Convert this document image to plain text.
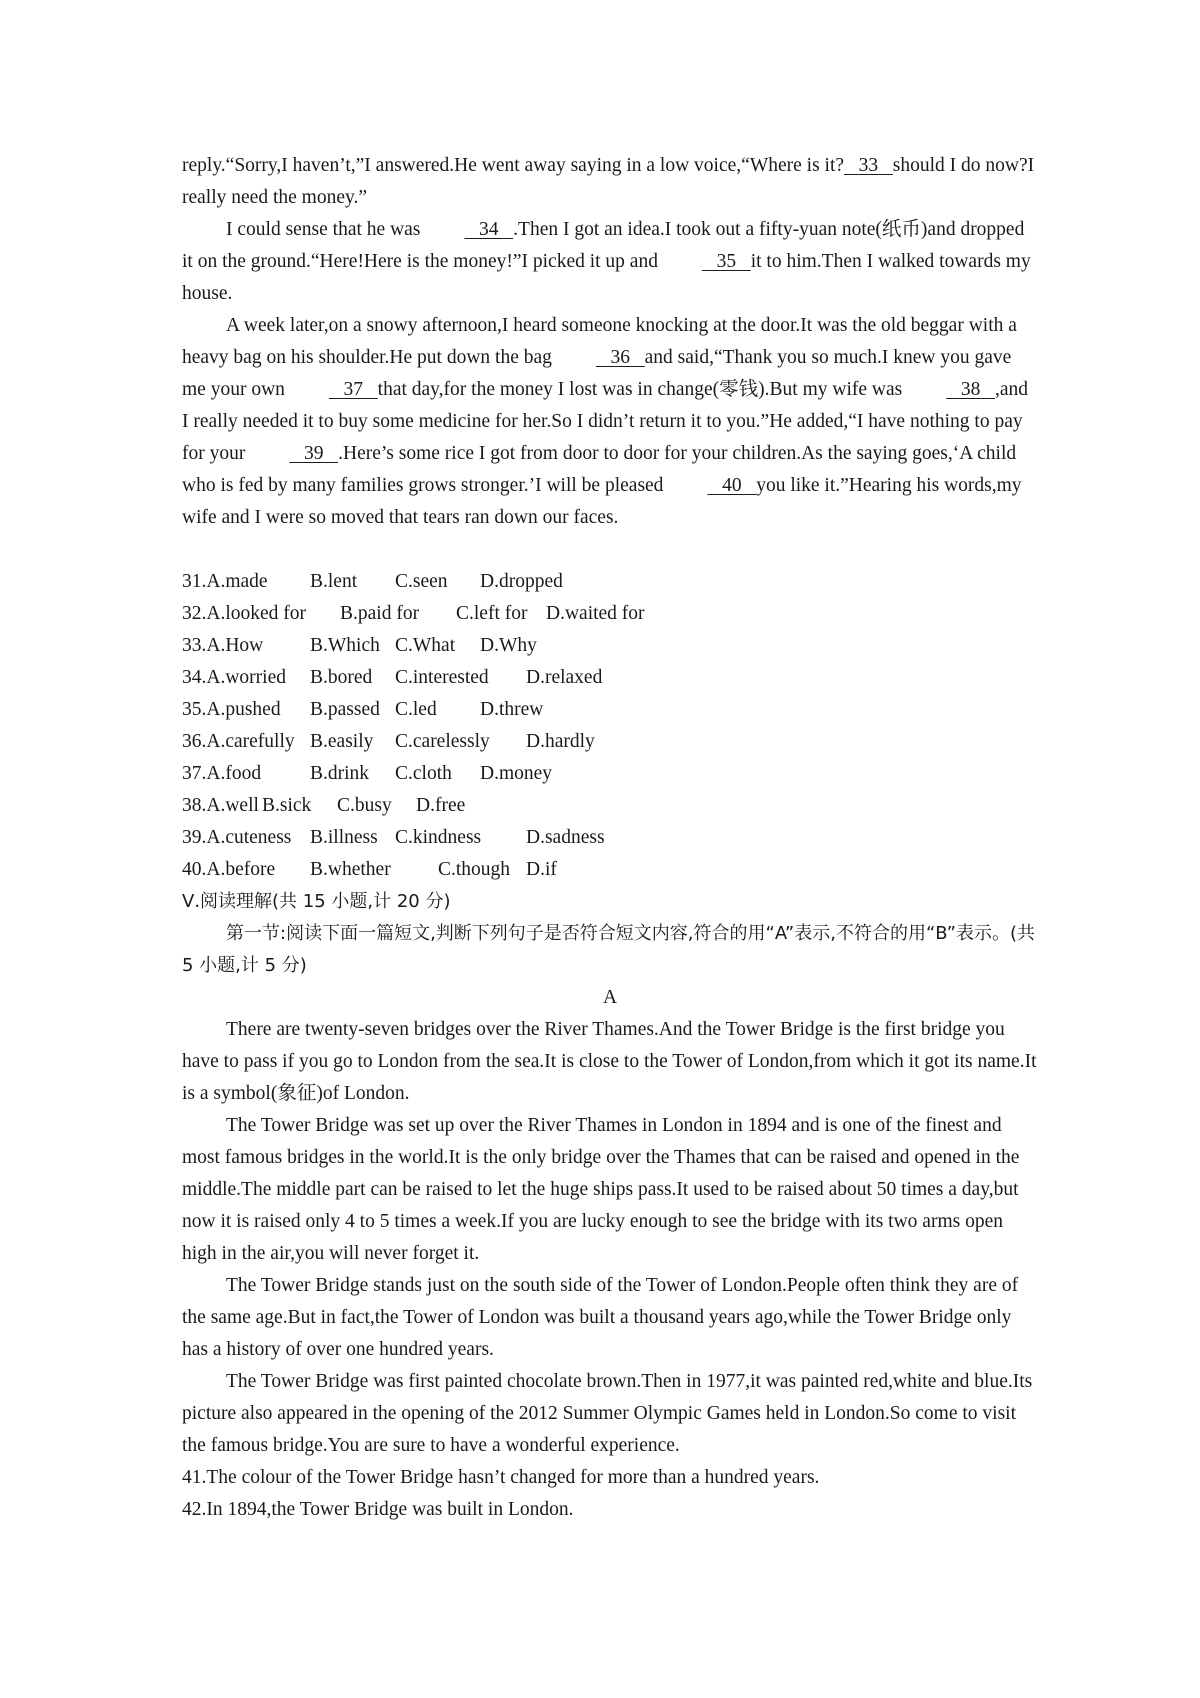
reply.“Sorry,I haven’t,”I answered.He went away saying in a low voice,“Where is it? 33 should I do now?I really need the money.”

I could sense that he was	34 .Then I got an idea.I took out a fifty-yuan note(纸币)and dropped it on the ground.“Here!Here is the money!”I picked it up and	35 it to him.Then I walked towards my house.

A week later,on a snowy afternoon,I heard someone knocking at the door.It was the old beggar with a heavy bag on his shoulder.He put down the bag	36 and said,“Thank you so much.I knew you gave me your own	37 that day,for the money I lost was in change(零钱).But my wife was	38 ,and I really needed it to buy some medicine for her.So I didn’t return it to you.”He added,“I have nothing to pay for your	39 .Here’s some rice I got from door to door for your children.As the saying goes,‘A child who is fed by many families grows stronger.’I will be pleased	40 you like it.”Hearing his words,my wife and I were so moved that tears ran down our faces.

31.A.made	B.lent	C.seen	D.dropped
32.A.looked for	B.paid for	C.left for D.waited for
33.A.How	B.Which C.What	D.Why
34.A.worried	B.bored	C.interested	D.relaxed
35.A.pushed	B.passed C.led	D.threw
36.A.carefully B.easily	C.carelessly	D.hardly
37.A.food	B.drink	C.cloth	D.money
38.A.well B.sick	C.busy	D.free
39.A.cuteness B.illness C.kindness	D.sadness
40.A.before	B.whether	C.though D.if

Ⅴ.阅读理解(共 15 小题,计 20 分)

第一节:阅读下面一篇短文,判断下列句子是否符合短文内容,符合的用“A”表示,不符合的用“B”表示。(共 5 小题,计 5 分)

A

There are twenty-seven bridges over the River Thames.And the Tower Bridge is the first bridge you have to pass if you go to London from the sea.It is close to the Tower of London,from which it got its name.It is a symbol(象征)of London.

The Tower Bridge was set up over the River Thames in London in 1894 and is one of the finest and most famous bridges in the world.It is the only bridge over the Thames that can be raised and opened in the middle.The middle part can be raised to let the huge ships pass.It used to be raised about 50 times a day,but now it is raised only 4 to 5 times a week.If you are lucky enough to see the bridge with its two arms open high in the air,you will never forget it.

The Tower Bridge stands just on the south side of the Tower of London.People often think they are of the same age.But in fact,the Tower of London was built a thousand years ago,while the Tower Bridge only has a history of over one hundred years.

The Tower Bridge was first painted chocolate brown.Then in 1977,it was painted red,white and blue.Its picture also appeared in the opening of the 2012 Summer Olympic Games held in London.So come to visit the famous bridge.You are sure to have a wonderful experience.

41.The colour of the Tower Bridge hasn’t changed for more than a hundred years.

42.In 1894,the Tower Bridge was built in London.
